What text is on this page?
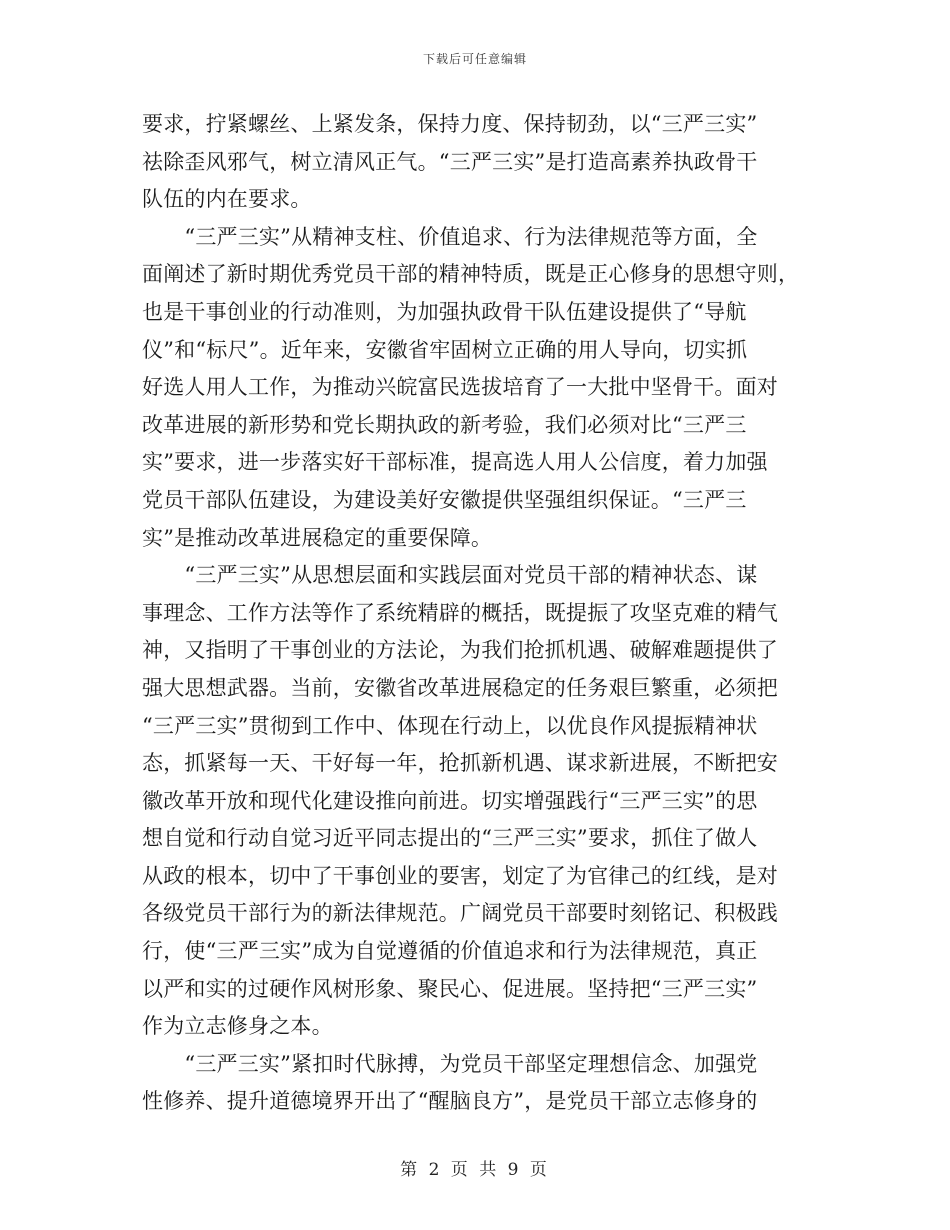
下载后可任意编辑
要求，拧紧螺丝、上紧发条，保持力度、保持韧劲，以“三严三实”
祛除歪风邪气，树立清风正气。“三严三实”是打造高素养执政骨干
队伍的内在要求。
　　“三严三实”从精神支柱、价值追求、行为法律规范等方面，全
面阐述了新时期优秀党员干部的精神特质，既是正心修身的思想守则，
也是干事创业的行动准则，为加强执政骨干队伍建设提供了“导航
仪”和“标尺”。近年来，安徽省牢固树立正确的用人导向，切实抓
好选人用人工作，为推动兴皖富民选拔培育了一大批中坚骨干。面对
改革进展的新形势和党长期执政的新考验，我们必须对比“三严三
实”要求，进一步落实好干部标准，提高选人用人公信度，着力加强
党员干部队伍建设，为建设美好安徽提供坚强组织保证。“三严三
实”是推动改革进展稳定的重要保障。
　　“三严三实”从思想层面和实践层面对党员干部的精神状态、谋
事理念、工作方法等作了系统精辟的概括，既提振了攻坚克难的精气
神，又指明了干事创业的方法论，为我们抢抓机遇、破解难题提供了
强大思想武器。当前，安徽省改革进展稳定的任务艰巨繁重，必须把
“三严三实”贯彻到工作中、体现在行动上，以优良作风提振精神状
态，抓紧每一天、干好每一年，抢抓新机遇、谋求新进展，不断把安
徽改革开放和现代化建设推向前进。切实增强践行“三严三实”的思
想自觉和行动自觉习近平同志提出的“三严三实”要求，抓住了做人
从政的根本，切中了干事创业的要害，划定了为官律己的红线，是对
各级党员干部行为的新法律规范。广阔党员干部要时刻铭记、积极践
行，使“三严三实”成为自觉遵循的价值追求和行为法律规范，真正
以严和实的过硬作风树形象、聚民心、促进展。坚持把“三严三实”
作为立志修身之本。
　　“三严三实”紧扣时代脉搏，为党员干部坚定理想信念、加强党
性修养、提升道德境界开出了“醒脑良方”，是党员干部立志修身的
第 2 页 共 9 页
